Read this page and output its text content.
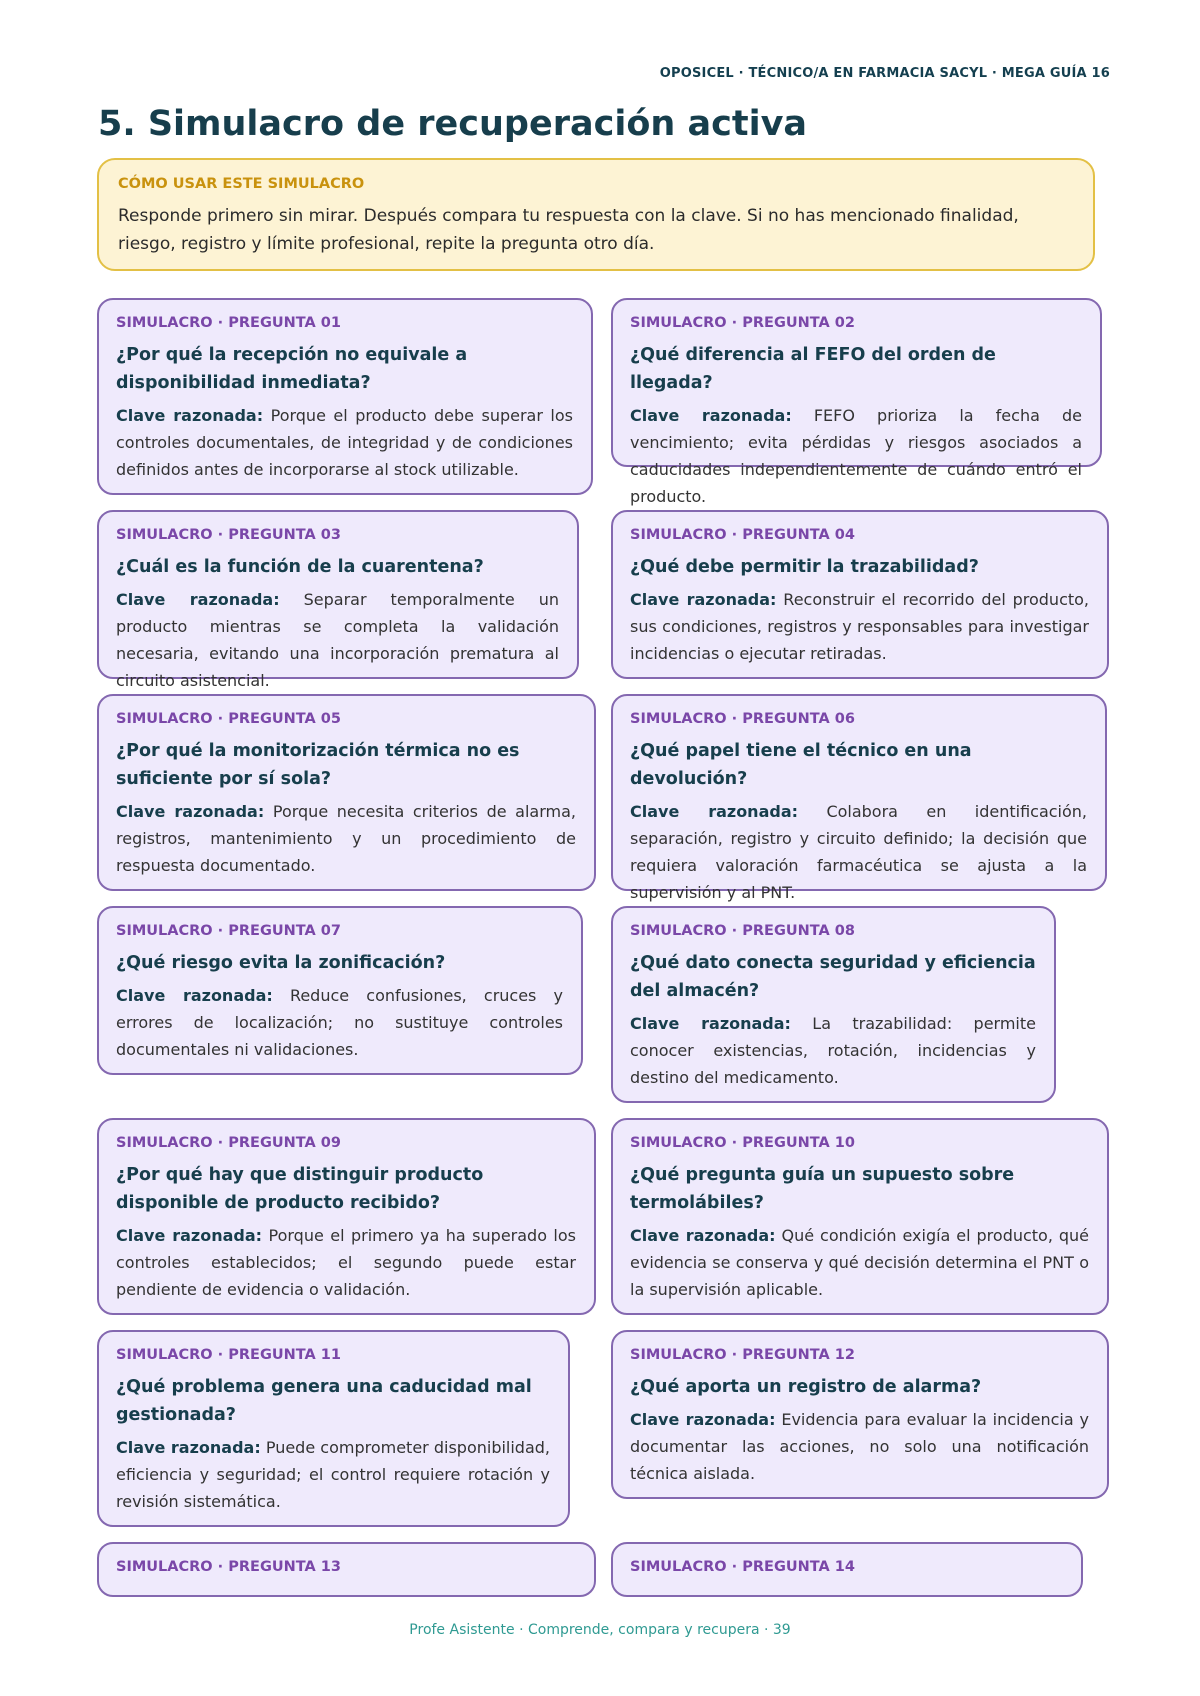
OPOSICEL · TÉCNICO/A EN FARMACIA SACYL · MEGA GUÍA 16
5. Simulacro de recuperación activa
CÓMO USAR ESTE SIMULACRO
Responde primero sin mirar. Después compara tu respuesta con la clave. Si no has mencionado finalidad, riesgo, registro y límite profesional, repite la pregunta otro día.
SIMULACRO · PREGUNTA 01
¿Por qué la recepción no equivale a disponibilidad inmediata?
Clave razonada: Porque el producto debe superar los controles documentales, de integridad y de condiciones definidos antes de incorporarse al stock utilizable.
SIMULACRO · PREGUNTA 02
¿Qué diferencia al FEFO del orden de llegada?
Clave razonada: FEFO prioriza la fecha de vencimiento; evita pérdidas y riesgos asociados a caducidades independientemente de cuándo entró el producto.
SIMULACRO · PREGUNTA 03
¿Cuál es la función de la cuarentena?
Clave razonada: Separar temporalmente un producto mientras se completa la validación necesaria, evitando una incorporación prematura al circuito asistencial.
SIMULACRO · PREGUNTA 04
¿Qué debe permitir la trazabilidad?
Clave razonada: Reconstruir el recorrido del producto, sus condiciones, registros y responsables para investigar incidencias o ejecutar retiradas.
SIMULACRO · PREGUNTA 05
¿Por qué la monitorización térmica no es suficiente por sí sola?
Clave razonada: Porque necesita criterios de alarma, registros, mantenimiento y un procedimiento de respuesta documentado.
SIMULACRO · PREGUNTA 06
¿Qué papel tiene el técnico en una devolución?
Clave razonada: Colabora en identificación, separación, registro y circuito definido; la decisión que requiera valoración farmacéutica se ajusta a la supervisión y al PNT.
SIMULACRO · PREGUNTA 07
¿Qué riesgo evita la zonificación?
Clave razonada: Reduce confusiones, cruces y errores de localización; no sustituye controles documentales ni validaciones.
SIMULACRO · PREGUNTA 08
¿Qué dato conecta seguridad y eficiencia del almacén?
Clave razonada: La trazabilidad: permite conocer existencias, rotación, incidencias y destino del medicamento.
SIMULACRO · PREGUNTA 09
¿Por qué hay que distinguir producto disponible de producto recibido?
Clave razonada: Porque el primero ya ha superado los controles establecidos; el segundo puede estar pendiente de evidencia o validación.
SIMULACRO · PREGUNTA 10
¿Qué pregunta guía un supuesto sobre termolábiles?
Clave razonada: Qué condición exigía el producto, qué evidencia se conserva y qué decisión determina el PNT o la supervisión aplicable.
SIMULACRO · PREGUNTA 11
¿Qué problema genera una caducidad mal gestionada?
Clave razonada: Puede comprometer disponibilidad, eficiencia y seguridad; el control requiere rotación y revisión sistemática.
SIMULACRO · PREGUNTA 12
¿Qué aporta un registro de alarma?
Clave razonada: Evidencia para evaluar la incidencia y documentar las acciones, no solo una notificación técnica aislada.
SIMULACRO · PREGUNTA 13	SIMULACRO · PREGUNTA 14
Profe Asistente · Comprende, compara y recupera · 39
